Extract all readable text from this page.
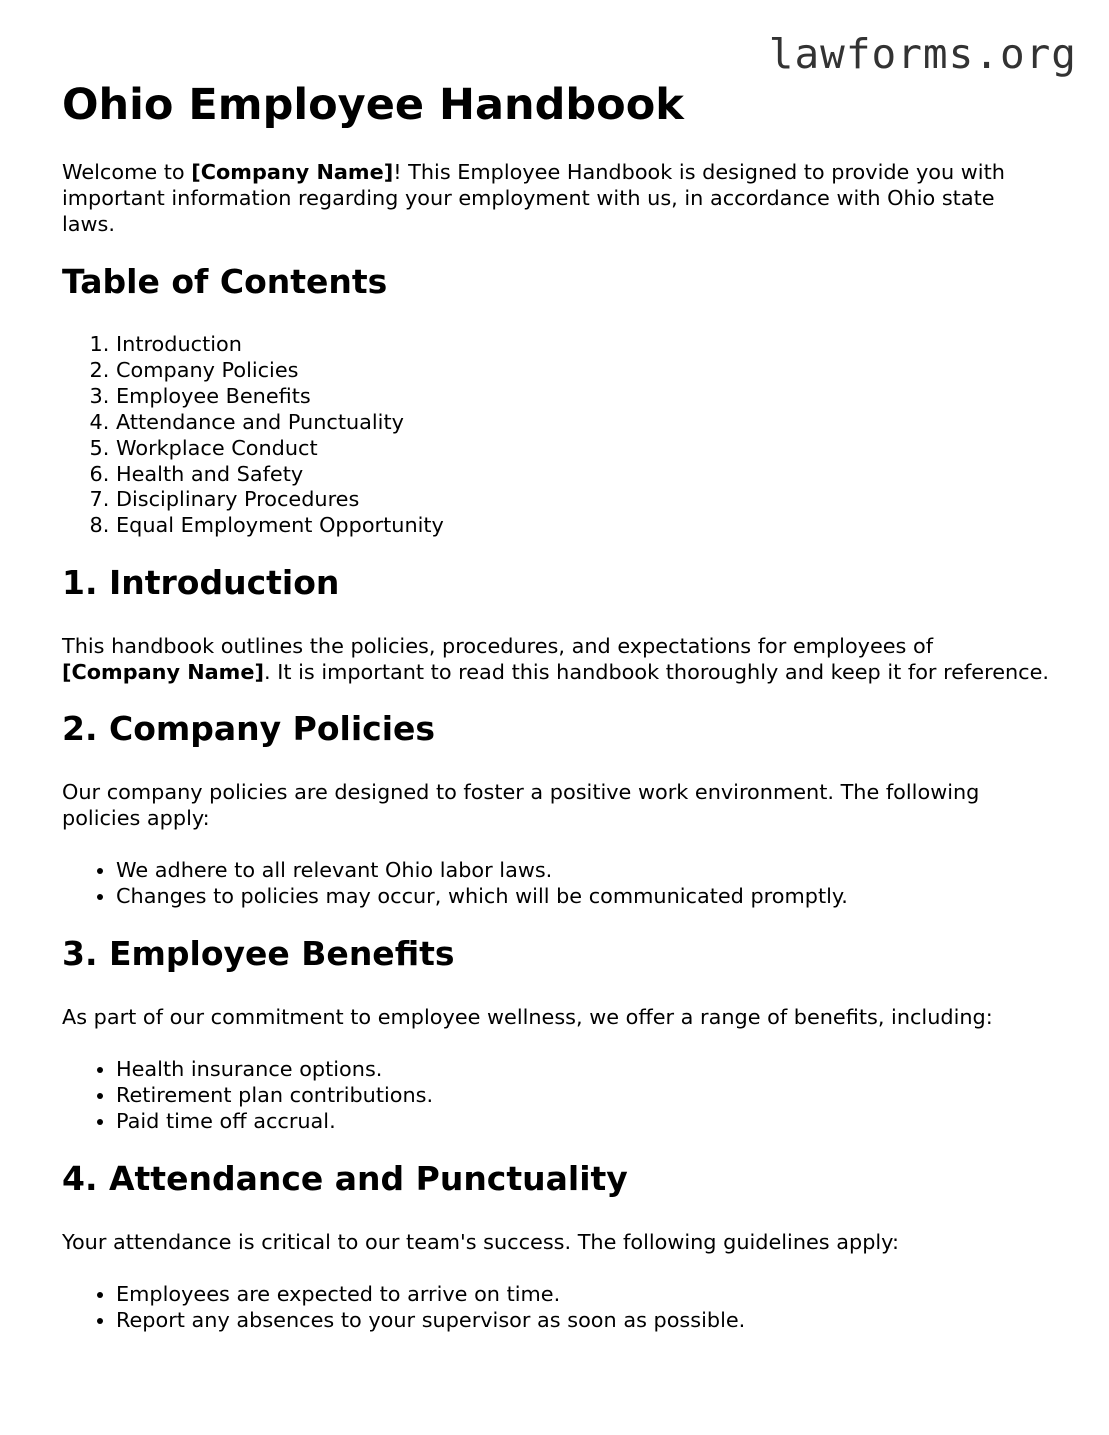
lawforms.org
Ohio Employee Handbook

Welcome to [Company Name]! This Employee Handbook is designed to provide you with important information regarding your employment with us, in accordance with Ohio state laws.

Table of Contents
1. Introduction
2. Company Policies
3. Employee Benefits
4. Attendance and Punctuality
5. Workplace Conduct
6. Health and Safety
7. Disciplinary Procedures
8. Equal Employment Opportunity
1. Introduction

This handbook outlines the policies, procedures, and expectations for employees of [Company Name]. It is important to read this handbook thoroughly and keep it for reference.

2. Company Policies

Our company policies are designed to foster a positive work environment. The following policies apply:

• We adhere to all relevant Ohio labor laws.
• Changes to policies may occur, which will be communicated promptly.
3. Employee Benefits

As part of our commitment to employee wellness, we offer a range of benefits, including:

• Health insurance options.
• Retirement plan contributions.
• Paid time off accrual.
4. Attendance and Punctuality

Your attendance is critical to our team's success. The following guidelines apply:

• Employees are expected to arrive on time.
• Report any absences to your supervisor as soon as possible.
